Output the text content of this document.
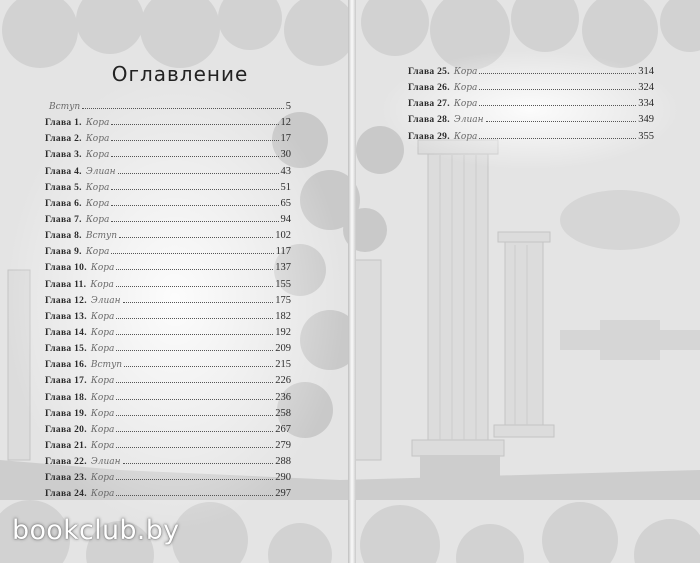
Оглавление
Вступ	5
Глава 1. Кора	12
Глава 2. Кора	17
Глава 3. Кора	30
Глава 4. Элиан	43
Глава 5. Кора	51
Глава 6. Кора	65
Глава 7. Кора	94
Глава 8. Вступ	102
Глава 9. Кора	117
Глава 10. Кора	137
Глава 11. Кора	155
Глава 12. Элиан	175
Глава 13. Кора	182
Глава 14. Кора	192
Глава 15. Кора	209
Глава 16. Вступ	215
Глава 17. Кора	226
Глава 18. Кора	236
Глава 19. Кора	258
Глава 20. Кора	267
Глава 21. Кора	279
Глава 22. Элиан	288
Глава 23. Кора	290
Глава 24. Кора	297
Глава 25. Кора	314
Глава 26. Кора	324
Глава 27. Кора	334
Глава 28. Элиан	349
Глава 29. Кора	355
bookclub.by
